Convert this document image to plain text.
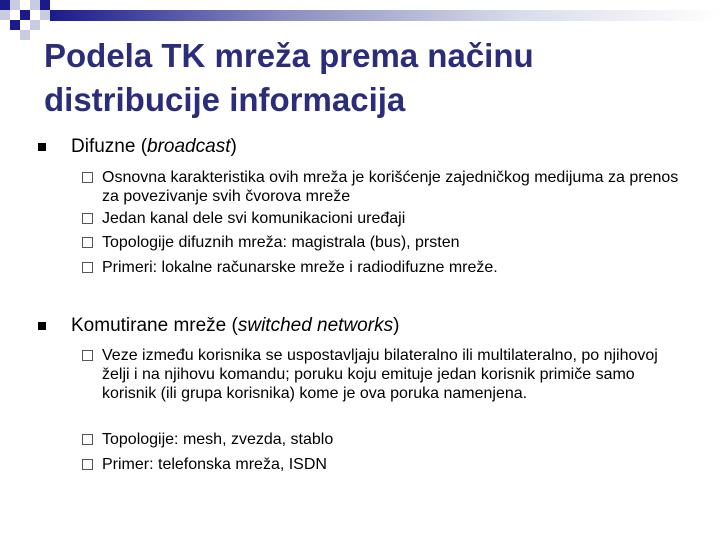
Podela TK mreža prema načinu distribucije informacija
Difuzne (broadcast)
Osnovna karakteristika ovih mreža je korišćenje zajedničkog medijuma za prenos za povezivanje svih čvorova mreže
Jedan kanal dele svi komunikacioni uređaji
Topologije difuznih mreža: magistrala (bus), prsten
Primeri: lokalne računarske mreže i radiodifuzne mreže.
Komutirane mreže (switched networks)
Veze između korisnika se uspostavljaju bilateralno ili multilateralno, po njihovoj želji i na njihovu komandu; poruku koju emituje jedan korisnik primiče samo korisnik (ili grupa korisnika) kome je ova poruka namenjena.
Topologije: mesh, zvezda, stablo
Primer: telefonska mreža, ISDN
